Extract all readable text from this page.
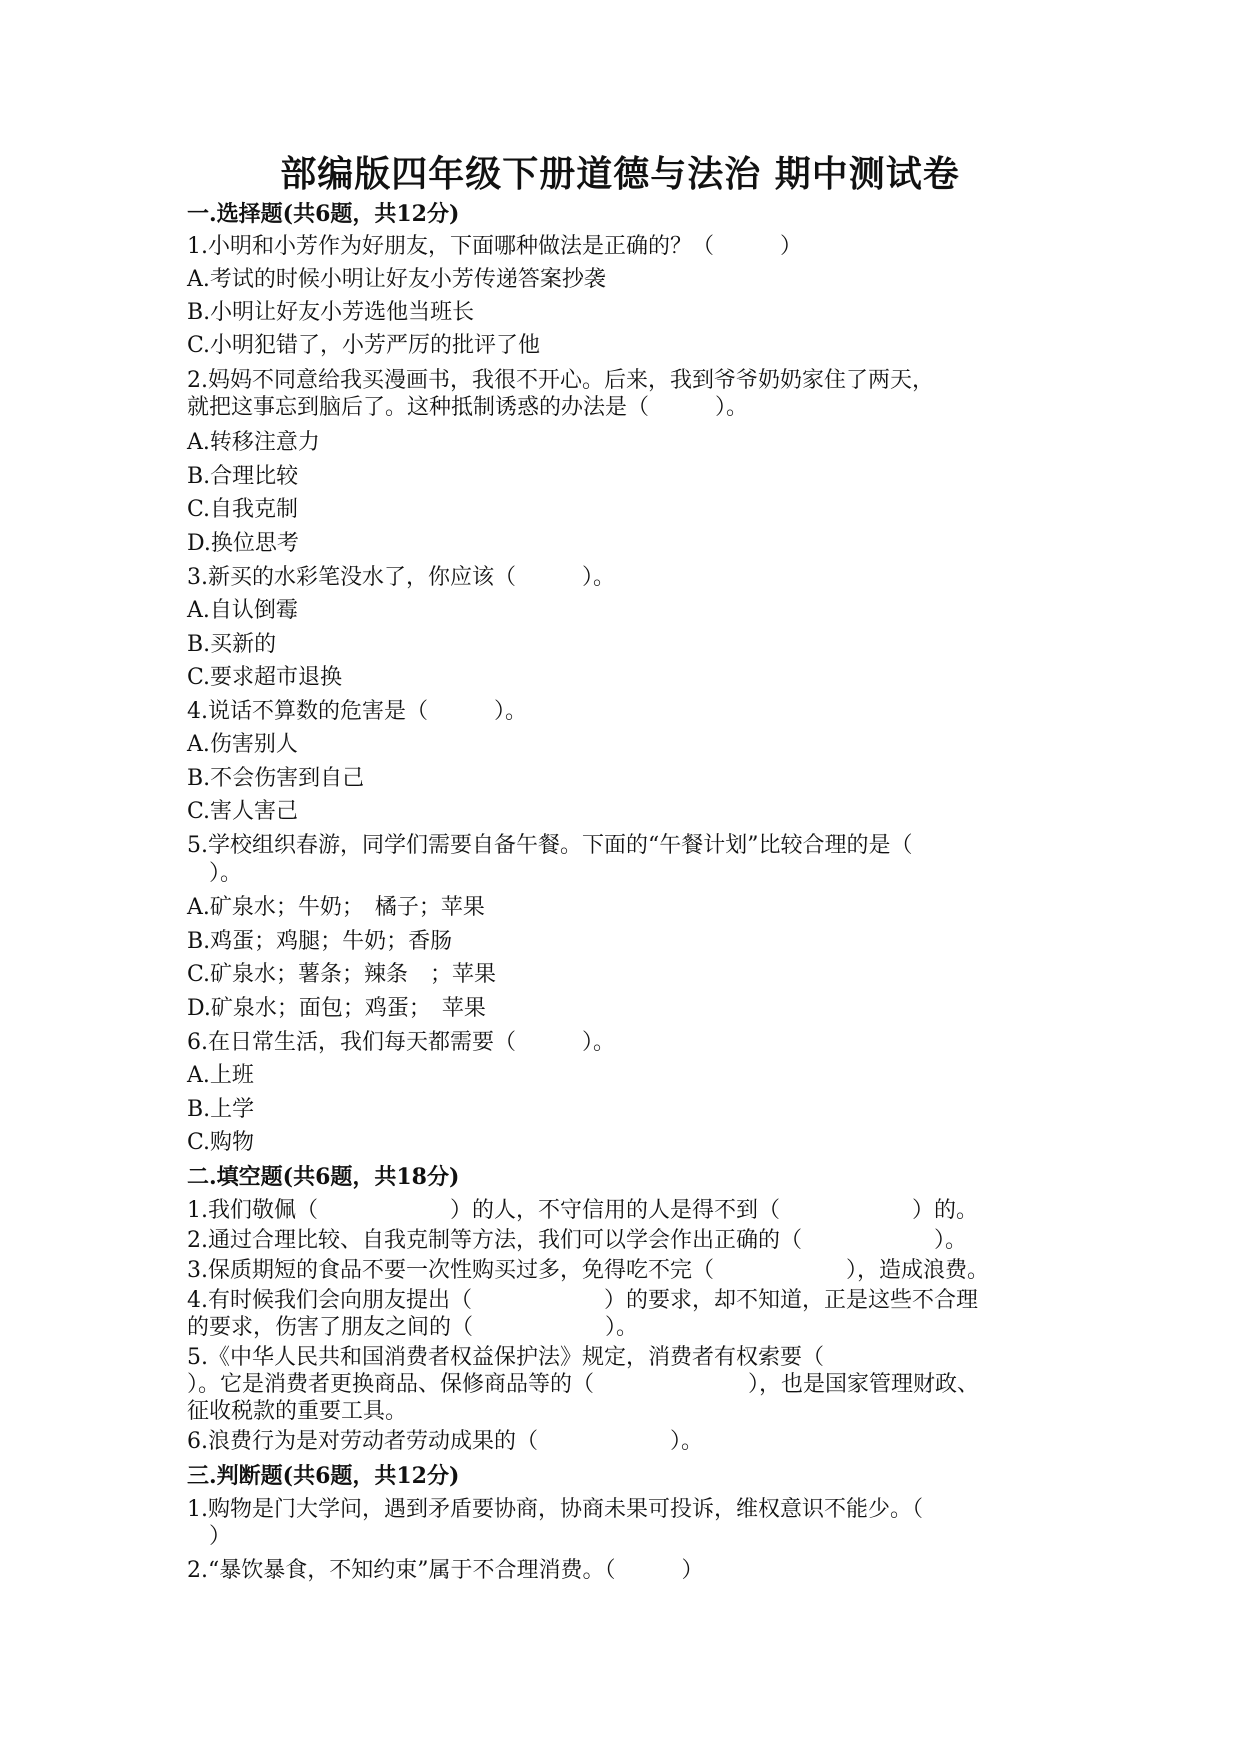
部编版四年级下册道德与法治 期中测试卷
一.选择题(共6题，共12分)
1.小明和小芳作为好朋友，下面哪种做法是正确的？（　　　）
A.考试的时候小明让好友小芳传递答案抄袭
B.小明让好友小芳选他当班长
C.小明犯错了，小芳严厉的批评了他
2.妈妈不同意给我买漫画书，我很不开心。后来，我到爷爷奶奶家住了两天，
就把这事忘到脑后了。这种抵制诱惑的办法是（　　　）。
A.转移注意力
B.合理比较
C.自我克制
D.换位思考
3.新买的水彩笔没水了，你应该（　　　）。
A.自认倒霉
B.买新的
C.要求超市退换
4.说话不算数的危害是（　　　）。
A.伤害别人
B.不会伤害到自己
C.害人害己
5.学校组织春游，同学们需要自备午餐。下面的“午餐计划”比较合理的是（
　）。
A.矿泉水；牛奶；　橘子；苹果
B.鸡蛋；鸡腿；牛奶；香肠
C.矿泉水；薯条；辣条　；苹果
D.矿泉水；面包；鸡蛋；　苹果
6.在日常生活，我们每天都需要（　　　）。
A.上班
B.上学
C.购物
二.填空题(共6题，共18分)
1.我们敬佩（　　　　　　）的人，不守信用的人是得不到（　　　　　　）的。
2.通过合理比较、自我克制等方法，我们可以学会作出正确的（　　　　　　）。
3.保质期短的食品不要一次性购买过多，免得吃不完（　　　　　　），造成浪费。
4.有时候我们会向朋友提出（　　　　　　）的要求，却不知道，正是这些不合理
的要求，伤害了朋友之间的（　　　　　　）。
5.《中华人民共和国消费者权益保护法》规定，消费者有权索要（
）。它是消费者更换商品、保修商品等的（　　　　　　　），也是国家管理财政、
征收税款的重要工具。
6.浪费行为是对劳动者劳动成果的（　　　　　　）。
三.判断题(共6题，共12分)
1.购物是门大学问，遇到矛盾要协商，协商未果可投诉，维权意识不能少。（
　）
2.“暴饮暴食，不知约束”属于不合理消费。（　　　）
